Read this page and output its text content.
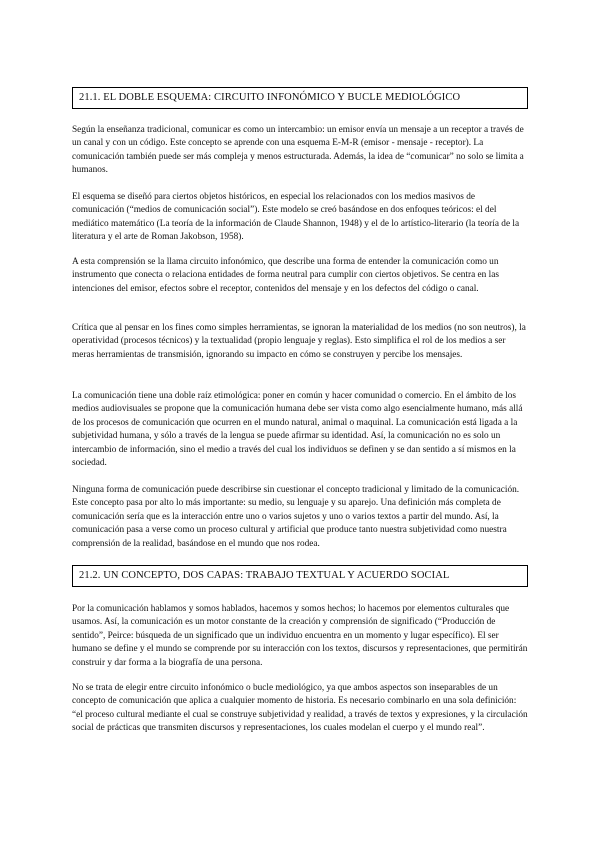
21.1. EL DOBLE ESQUEMA: CIRCUITO INFONÓMICO Y BUCLE MEDIOLÓGICO

Según la enseñanza tradicional, comunicar es como un intercambio: un emisor envía un mensaje a un receptor a través de un canal y con un código. Este concepto se aprende con una esquema E-M-R (emisor - mensaje - receptor). La comunicación también puede ser más compleja y menos estructurada. Además, la idea de “comunicar” no solo se limita a humanos.

El esquema se diseñó para ciertos objetos históricos, en especial los relacionados con los medios masivos de comunicación (“medios de comunicación social”). Este modelo se creó basándose en dos enfoques teóricos: el del mediático matemático (La teoría de la información de Claude Shannon, 1948) y el de lo artístico-literario (la teoría de la literatura y el arte de Roman Jakobson, 1958).

A esta comprensión se la llama circuito infonómico, que describe una forma de entender la comunicación como un instrumento que conecta o relaciona entidades de forma neutral para cumplir con ciertos objetivos. Se centra en las intenciones del emisor, efectos sobre el receptor, contenidos del mensaje y en los defectos del código o canal.

Crítica que al pensar en los fines como simples herramientas, se ignoran la materialidad de los medios (no son neutros), la operatividad (procesos técnicos) y la textualidad (propio lenguaje y reglas). Esto simplifica el rol de los medios a ser meras herramientas de transmisión, ignorando su impacto en cómo se construyen y percibe los mensajes.

La comunicación tiene una doble raíz etimológica: poner en común y hacer comunidad o comercio. En el ámbito de los medios audiovisuales se propone que la comunicación humana debe ser vista como algo esencialmente humano, más allá de los procesos de comunicación que ocurren en el mundo natural, animal o maquinal. La comunicación está ligada a la subjetividad humana, y sólo a través de la lengua se puede afirmar su identidad. Así, la comunicación no es solo un intercambio de información, sino el medio a través del cual los individuos se definen y se dan sentido a sí mismos en la sociedad.

Ninguna forma de comunicación puede describirse sin cuestionar el concepto tradicional y limitado de la comunicación. Este concepto pasa por alto lo más importante: su medio, su lenguaje y su aparejo. Una definición más completa de comunicación sería que es la interacción entre uno o varios sujetos y uno o varios textos a partir del mundo. Así, la comunicación pasa a verse como un proceso cultural y artificial que produce tanto nuestra subjetividad como nuestra comprensión de la realidad, basándose en el mundo que nos rodea.

21.2. UN CONCEPTO, DOS CAPAS: TRABAJO TEXTUAL Y ACUERDO SOCIAL

Por la comunicación hablamos y somos hablados, hacemos y somos hechos; lo hacemos por elementos culturales que usamos. Así, la comunicación es un motor constante de la creación y comprensión de significado (“Producción de sentido”, Peirce: búsqueda de un significado que un individuo encuentra en un momento y lugar específico). El ser humano se define y el mundo se comprende por su interacción con los textos, discursos y representaciones, que permitirán construir y dar forma a la biografía de una persona.

No se trata de elegir entre circuito infonómico o bucle mediológico, ya que ambos aspectos son inseparables de un concepto de comunicación que aplica a cualquier momento de historia. Es necesario combinarlo en una sola definición: “el proceso cultural mediante el cual se construye subjetividad y realidad, a través de textos y expresiones, y la circulación social de prácticas que transmiten discursos y representaciones, los cuales modelan el cuerpo y el mundo real”.
